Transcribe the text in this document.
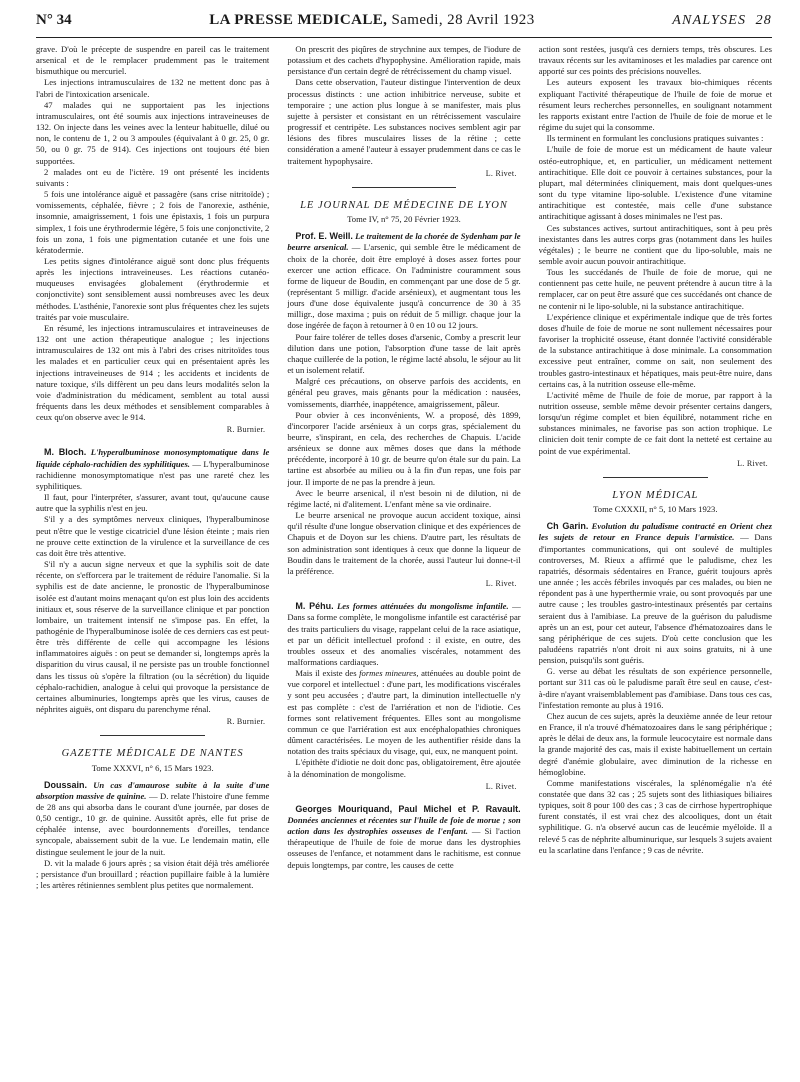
N° 34	LA PRESSE MEDICALE, Samedi, 28 Avril 1923	ANALYSES 28

grave. D'où le précepte de suspendre en pareil cas le traitement arsenical et de le remplacer prudemment pas le traitement bismuthique ou mercuriel.

Les injections intramusculaires de 132 ne mettent donc pas à l'abri de l'intoxication arsenicale.

47 malades qui ne supportaient pas les injections intramusculaires, ont été soumis aux injections intraveineuses de 132. On injecte dans les veines avec la lenteur habituelle, dilué ou non, le contenu de 1, 2 ou 3 ampoules (équivalant à 0 gr. 25, 0 gr. 50, ou 0 gr. 75 de 914). Ces injections ont toujours été bien supportées.

2 malades ont eu de l'ictère. 19 ont présenté les incidents suivants :

5 fois une intolérance aiguë et passagère (sans crise nitritoïde) ; vomissements, céphalée, fièvre ; 2 fois de l'anorexie, asthénie, insomnie, amaigrissement, 1 fois une épistaxis, 1 fois un purpura simplex, 1 fois une érythrodermie légère, 5 fois une conjonctivite, 2 fois un zona, 1 fois une pigmentation cutanée et une fois une kératodermie.

Les petits signes d'intolérance aiguë sont donc plus fréquents après les injections intraveineuses. Les réactions cutanéo-muqueuses envisagées globalement (érythrodermie et conjonctivite) sont sensiblement aussi nombreuses avec les deux méthodes. L'asthénie, l'anorexie sont plus fréquentes chez les sujets traités par voie musculaire.

En résumé, les injections intramusculaires et intraveineuses de 132 ont une action thérapeutique analogue ; les injections intramusculaires de 132 ont mis à l'abri des crises nitritoïdes tous les malades et en particulier ceux qui en présentaient après les injections intraveineuses de 914 ; les accidents et incidents de nature toxique, s'ils diffèrent un peu dans leurs modalités selon la voie d'administration du médicament, semblent au total aussi fréquents dans les deux méthodes et sensiblement comparables à ceux qu'on observe avec le 914.

R. Burnier.

M. Bloch. L'hyperalbuminose monosymptomatique dans le liquide céphalo-rachidien des syphilitiques. — L'hyperalbuminose rachidienne monosymptomatique n'est pas une rareté chez les syphilitiques.

Il faut, pour l'interpréter, s'assurer, avant tout, qu'aucune cause autre que la syphilis n'est en jeu.

S'il y a des symptômes nerveux cliniques, l'hyperalbuminose peut n'être que le vestige cicatriciel d'une lésion éteinte ; mais rien ne prouve cette extinction de la virulence et la surveillance de ces cas doit être très attentive.

S'il n'y a aucun signe nerveux et que la syphilis soit de date récente, on s'efforcera par le traitement de réduire l'anomalie. Si la syphilis est de date ancienne, le pronostic de l'hyperalbuminose isolée est d'autant moins menaçant qu'on est plus loin des accidents initiaux et, sous réserve de la surveillance clinique et par ponction lombaire, un traitement intensif ne s'impose pas. En effet, la pathogénie de l'hyperalbuminose isolée de ces derniers cas est peut-être très différente de celle qui accompagne les lésions inflammatoires aiguës : on peut se demander si, longtemps après la disparition du virus causal, il ne persiste pas un trouble fonctionnel dans les tissus où s'opère la filtration (ou la sécrétion) du liquide céphalo-rachidien, analogue à celui qui provoque la persistance de certaines albuminuries, longtemps après que les virus, causes de néphrites aiguës, ont disparu du parenchyme rénal.

R. Burnier.
GAZETTE MÉDICALE DE NANTES
Tome XXXVI, n° 6, 15 Mars 1923.

Doussain. Un cas d'amaurose subite à la suite d'une absorption massive de quinine. — D. relate l'histoire d'une femme de 28 ans qui absorba dans le courant d'une journée, par doses de 0,50 centigr., 10 gr. de quinine. Aussitôt après, elle fut prise de céphalée intense, avec bourdonnements d'oreilles, tendance syncopale, abaissement subit de la vue. Le lendemain matin, elle distingue seulement le jour de la nuit.

D. vit la malade 6 jours après ; sa vision était déjà très améliorée ; persistance d'un brouillard ; réaction pupillaire faible à la lumière ; les artères rétiniennes semblent plus petites que normalement.

On prescrit des piqûres de strychnine aux tempes, de l'iodure de potassium et des cachets d'hypophysine. Amélioration rapide, mais persistance d'un certain degré de rétrécissement du champ visuel.

Dans cette observation, l'auteur distingue l'intervention de deux processus distincts : une action inhibitrice nerveuse, subite et temporaire ; une action plus longue à se manifester, mais plus sujette à persister et consistant en un rétrécissement vasculaire progressif et centripète. Les substances nocives semblent agir par lésions des fibres musculaires lisses de la rétine ; cette considération a amené l'auteur à essayer prudemment dans ce cas le traitement hypophysaire.

L. Rivet.
LE JOURNAL DE MÉDECINE DE LYON
Tome IV, n° 75, 20 Février 1923.

Prof. E. Weill. Le traitement de la chorée de Sydenham par le beurre arsenical. — L'arsenic, qui semble être le médicament de choix de la chorée, doit être employé à doses assez fortes pour exercer une action efficace. On l'administre couramment sous forme de liqueur de Boudin, en commençant par une dose de 5 gr. (représentant 5 milligr. d'acide arsénieux), et augmentant tous les jours d'une dose équivalente jusqu'à concurrence de 30 à 35 milligr., dose maxima ; puis on réduit de 5 milligr. chaque jour la dose ingérée de façon à retourner à 0 en 10 ou 12 jours.

Pour faire tolérer de telles doses d'arsenic, Comby a prescrit leur dilution dans une potion, l'absorption d'une tasse de lait après chaque cuillerée de la potion, le régime lacté absolu, le séjour au lit et un isolement relatif.

Malgré ces précautions, on observe parfois des accidents, en général peu graves, mais gênants pour la médication : nausées, vomissements, diarrhée, inappétence, amaigrissement, pâleur.

Pour obvier à ces inconvénients, W. a proposé, dès 1899, d'incorporer l'acide arsénieux à un corps gras, spécialement du beurre, s'inspirant, en cela, des recherches de Chapuis. L'acide arsénieux se donne aux mêmes doses que dans la méthode précédente, incorporé à 10 gr. de beurre qu'on étale sur du pain. La tartine est absorbée au milieu ou à la fin d'un repas, une fois par jour. Il importe de ne pas la prendre à jeun.

Avec le beurre arsenical, il n'est besoin ni de dilution, ni de régime lacté, ni d'alitement. L'enfant mène sa vie ordinaire.

Le beurre arsenical ne provoque aucun accident toxique, ainsi qu'il résulte d'une longue observation clinique et des expériences de Chapuis et de Doyon sur les chiens. D'autre part, les résultats de son administration sont identiques à ceux que donne la liqueur de Boudin dans le traitement de la chorée, aussi l'auteur lui donne-t-il la préférence.

L. Rivet.

M. Péhu. Les formes atténuées du mongolisme infantile. — Dans sa forme complète, le mongolisme infantile est caractérisé par des traits particuliers du visage, rappelant celui de la race asiatique, et par un déficit intellectuel profond : il existe, en outre, des troubles osseux et des anomalies viscérales, notamment des malformations cardiaques.

Mais il existe des formes mineures, atténuées au double point de vue corporel et intellectuel : d'une part, les modifications viscérales y sont peu accusées ; d'autre part, la diminution intellectuelle n'y est pas complète : c'est de l'arriération et non de l'idiotie. Ces formes sont relativement fréquentes. Elles sont au mongolisme commun ce que l'arriération est aux encéphalopathies chroniques dûment caractérisées. Le moyen de les authentifier réside dans la notation des traits spéciaux du visage, qui, eux, ne manquent point.

L'épithète d'idiotie ne doit donc pas, obligatoirement, être ajoutée à la dénomination de mongolisme.

L. Rivet.

Georges Mouriquand, Paul Michel et P. Ravault. Données anciennes et récentes sur l'huile de foie de morue ; son action dans les dystrophies osseuses de l'enfant. — Si l'action thérapeutique de l'huile de foie de morue dans les dystrophies osseuses de l'enfance, et notamment dans le rachitisme, est connue depuis longtemps, par contre, les causes de cette

action sont restées, jusqu'à ces derniers temps, très obscures. Les travaux récents sur les avitaminoses et les maladies par carence ont apporté sur ces points des précisions nouvelles.

Les auteurs exposent les travaux bio-chimiques récents expliquant l'activité thérapeutique de l'huile de foie de morue et résument leurs recherches personnelles, en soulignant notamment les rapports existant entre l'action de l'huile de foie de morue et le régime du sujet qui la consomme.

Ils terminent en formulant les conclusions pratiques suivantes :

L'huile de foie de morue est un médicament de haute valeur ostéo-eutrophique, et, en particulier, un médicament nettement antirachitique. Elle doit ce pouvoir à certaines substances, pour la plupart, mal déterminées cliniquement, mais dont quelques-unes sont du type vitamine lipo-soluble. L'existence d'une vitamine antirachitique est contestée, mais celle d'une substance antirachitique agissant à doses minimales ne l'est pas.

Ces substances actives, surtout antirachitiques, sont à peu près inexistantes dans les autres corps gras (notamment dans les huiles végétales) ; le beurre ne contient que du lipo-soluble, mais ne semble avoir aucun pouvoir antirachitique.

Tous les succédanés de l'huile de foie de morue, qui ne contiennent pas cette huile, ne peuvent prétendre à aucun titre à la remplacer, car on peut être assuré que ces succédanés ont chance de ne contenir ni le lipo-soluble, ni la substance antirachitique.

L'expérience clinique et expérimentale indique que de très fortes doses d'huile de foie de morue ne sont nullement nécessaires pour favoriser la trophicité osseuse, étant donnée l'activité considérable de la substance antirachitique à dose minimale. La consommation excessive peut entraîner, comme on sait, non seulement des troubles gastro-intestinaux et hépatiques, mais peut-être nuire, dans certains cas, à la nutrition osseuse elle-même.

L'activité même de l'huile de foie de morue, par rapport à la nutrition osseuse, semble même devoir présenter certains dangers, lorsqu'un régime complet et bien équilibré, notamment riche en substances minimales, ne favorise pas son action trophique. Le clinicien doit tenir compte de ce fait dont la netteté est certaine au point de vue expérimental.

L. Rivet.
LYON MÉDICAL
Tome CXXXII, n° 5, 10 Mars 1923.

Ch Garin. Evolution du paludisme contracté en Orient chez les sujets de retour en France depuis l'armistice. — Dans d'importantes communications, qui ont soulevé de multiples controverses, M. Rieux a affirmé que le paludisme, chez les rapatriés, désormais sédentaires en France, guérit toujours après une année ; les accès fébriles invoqués par ces malades, ou bien ne répondent pas à une hyperthermie vraie, ou sont provoqués par une autre cause ; les troubles gastro-intestinaux présentés par certains seraient dus à l'amibiase. La preuve de la guérison du paludisme après un an est, pour cet auteur, l'absence d'hématozoaires dans le sang périphérique de ces sujets. D'où cette conclusion que les paludéens rapatriés n'ont droit ni aux soins gratuits, ni à une pension, puisqu'ils sont guéris.

G. verse au débat les résultats de son expérience personnelle, portant sur 311 cas où le paludisme paraît être seul en cause, c'est-à-dire n'ayant vraisemblablement pas d'amibiase. Dans tous ces cas, l'infestation remonte au plus à 1916.

Chez aucun de ces sujets, après la deuxième année de leur retour en France, il n'a trouvé d'hématozoaires dans le sang périphérique ; après le délai de deux ans, la formule leucocytaire est normale dans la grande majorité des cas, mais il existe habituellement un certain degré d'anémie globulaire, avec diminution de la richesse en hémoglobine.

Comme manifestations viscérales, la splénomégalie n'a été constatée que dans 32 cas ; 25 sujets sont des lithiasiques biliaires typiques, soit 8 pour 100 des cas ; 3 cas de cirrhose hypertrophique furent constatés, il est vrai chez des alcooliques, dont un était syphilitique. G. n'a observé aucun cas de leucémie myéloïde. Il a relevé 5 cas de néphrite albuminurique, sur lesquels 3 sujets avaient eu la scarlatine dans l'enfance ; 9 cas de névrite.
